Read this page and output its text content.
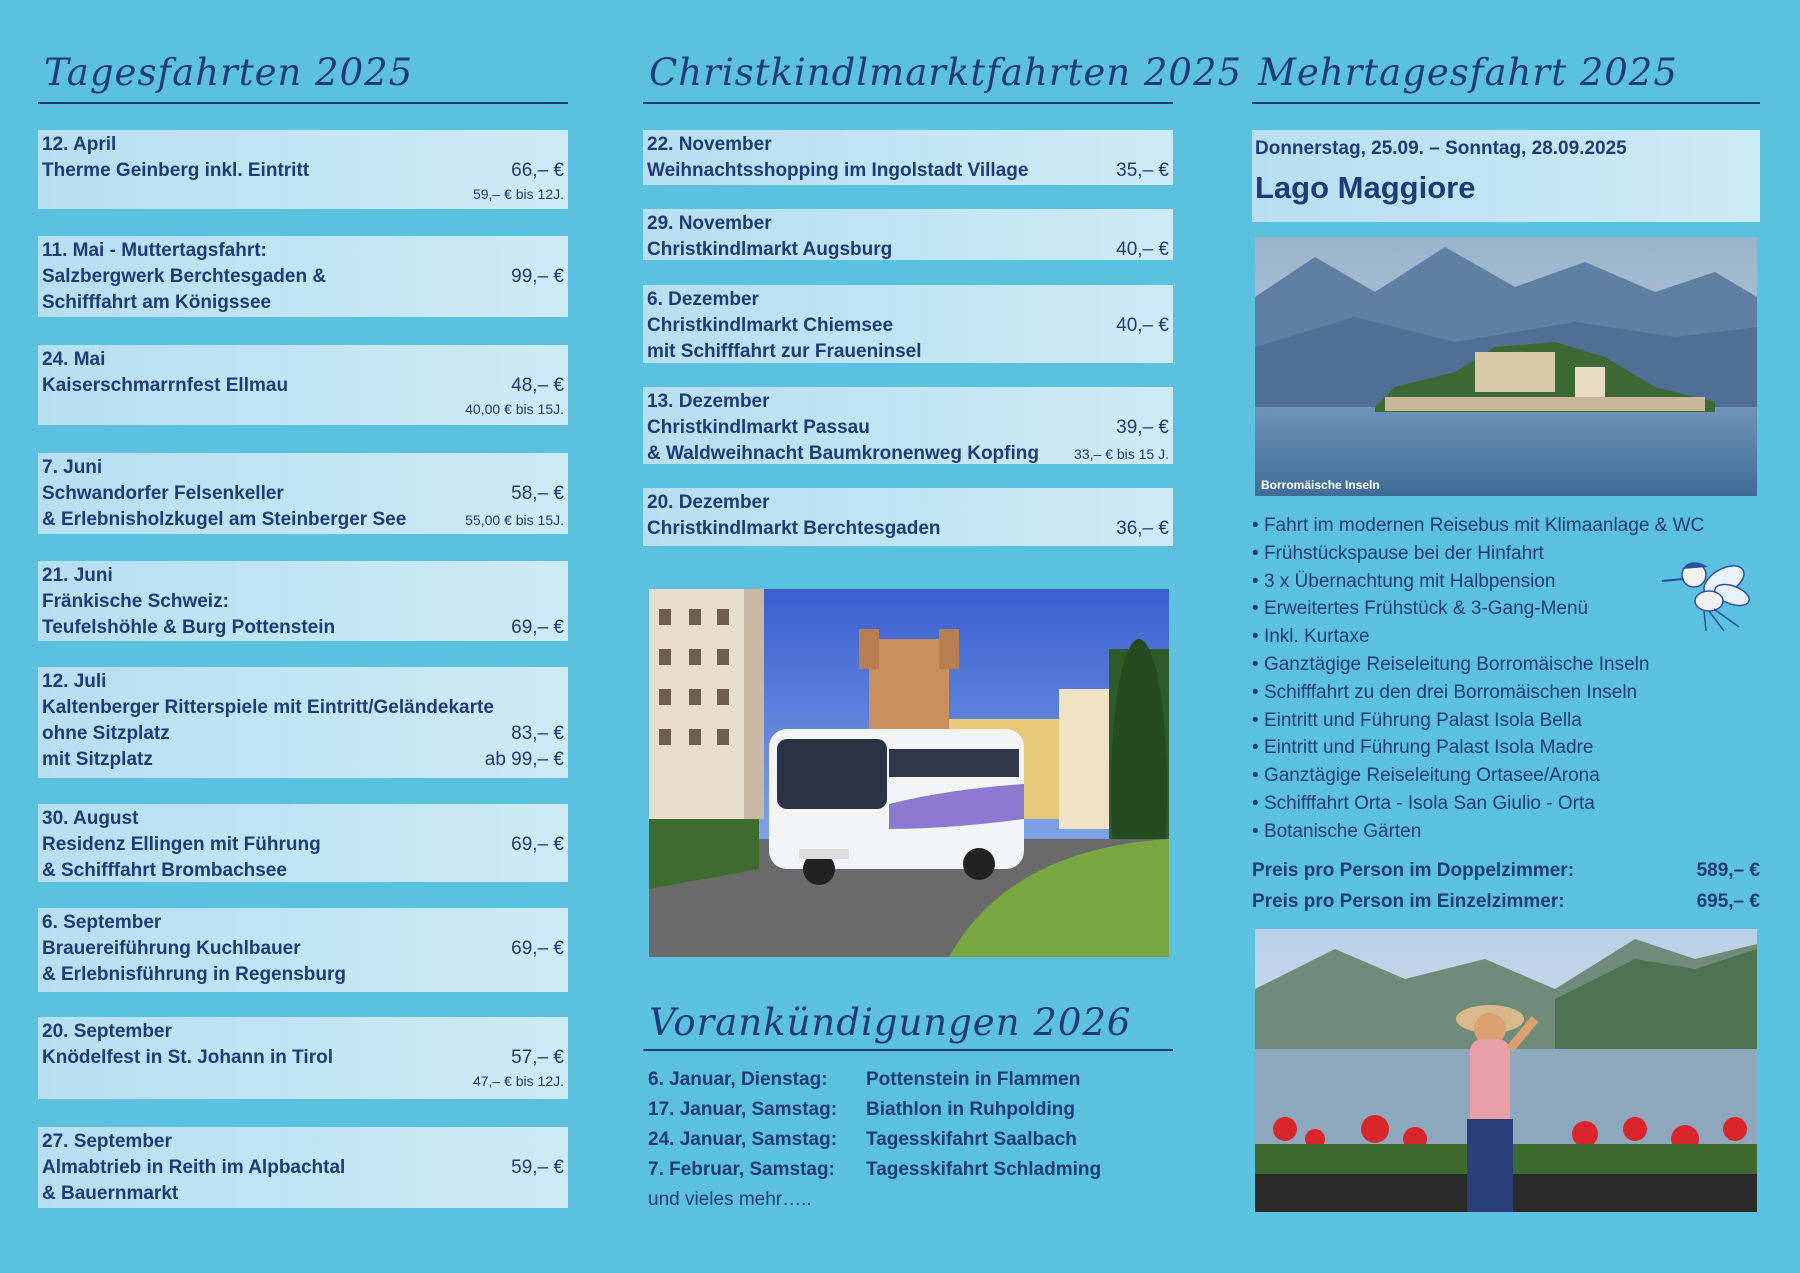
Tagesfahrten 2025
12. April
Therme Geinberg inkl. Eintritt	66,– €
59,– € bis 12J.
11. Mai - Muttertagsfahrt:
Salzbergwerk Berchtesgaden &	99,– €
Schifffahrt am Königssee
24. Mai
Kaiserschmarrnfest Ellmau	48,– €
40,00 € bis 15J.
7. Juni
Schwandorfer Felsenkeller	58,– €
& Erlebnisholzkugel am Steinberger See	55,00 € bis 15J.
21. Juni
Fränkische Schweiz:
Teufelshöhle & Burg Pottenstein	69,– €
12. Juli
Kaltenberger Ritterspiele mit Eintritt/Geländekarte
ohne Sitzplatz	83,– €
mit Sitzplatz	ab 99,– €
30. August
Residenz Ellingen mit Führung	69,– €
& Schifffahrt Brombachsee
6. September
Brauereiführung Kuchlbauer	69,– €
& Erlebnisführung in Regensburg
20. September
Knödelfest in St. Johann in Tirol	57,– €
47,– € bis 12J.
27. September
Almabtrieb in Reith im Alpbachtal	59,– €
& Bauernmarkt
Christkindlmarktfahrten 2025
22. November
Weihnachtsshopping im Ingolstadt Village	35,– €
29. November
Christkindlmarkt Augsburg	40,– €
6. Dezember
Christkindlmarkt Chiemsee	40,– €
mit Schifffahrt zur Fraueninsel
13. Dezember
Christkindlmarkt Passau	39,– €
& Waldweihnacht Baumkronenweg Kopfing	33,– € bis 15 J.
20. Dezember
Christkindlmarkt Berchtesgaden	36,– €
Vorankündigungen 2026
6. Januar, Dienstag:	Pottenstein in Flammen
17. Januar, Samstag:	Biathlon in Ruhpolding
24. Januar, Samstag:	Tagesskifahrt Saalbach
7. Februar, Samstag:	Tagesskifahrt Schladming
und vieles mehr…..
Mehrtagesfahrt 2025
Donnerstag, 25.09. – Sonntag, 28.09.2025
Lago Maggiore
Borromäische Inseln
• Fahrt im modernen Reisebus mit Klimaanlage & WC
• Frühstückspause bei der Hinfahrt
• 3 x Übernachtung mit Halbpension
• Erweitertes Frühstück & 3-Gang-Menü
• Inkl. Kurtaxe
• Ganztägige Reiseleitung Borromäische Inseln
• Schifffahrt zu den drei Borromäischen Inseln
• Eintritt und Führung Palast Isola Bella
• Eintritt und Führung Palast Isola Madre
• Ganztägige Reiseleitung Ortasee/Arona
• Schifffahrt Orta - Isola San Giulio - Orta
• Botanische Gärten
Preis pro Person im Doppelzimmer:	589,– €
Preis pro Person im Einzelzimmer:	695,– €
